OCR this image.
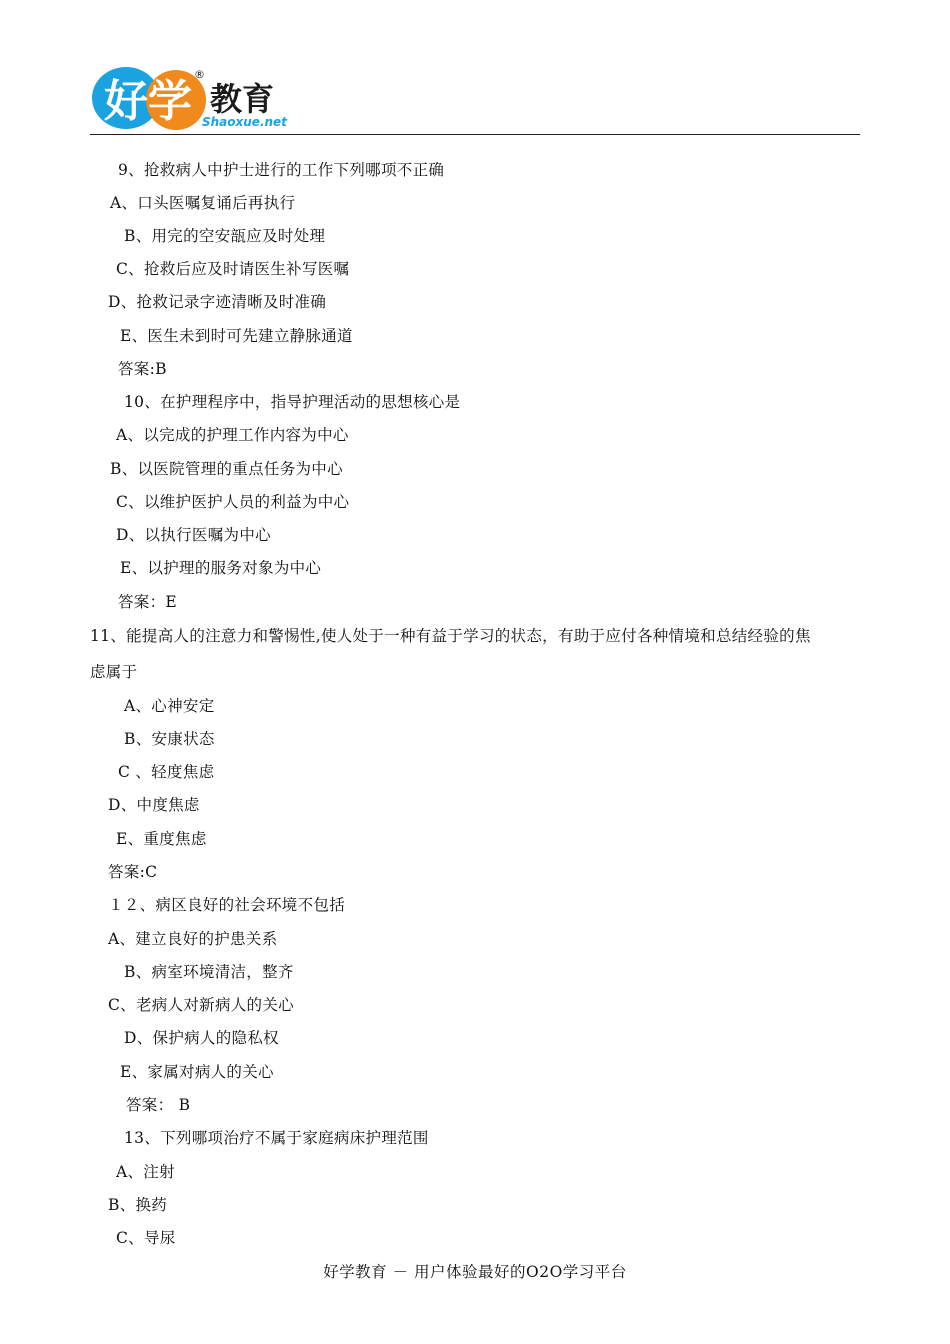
好学 教育
®
Shaoxue.net
9、抢救病人中护士进行的工作下列哪项不正确
A、口头医嘱复诵后再执行
B、用完的空安瓿应及时处理
C、抢救后应及时请医生补写医嘱
D、抢救记录字迹清晰及时准确
E、医生未到时可先建立静脉通道
答案:B
10、在护理程序中，指导护理活动的思想核心是
A、以完成的护理工作内容为中心
B、以医院管理的重点任务为中心
C、以维护医护人员的利益为中心
D、以执行医嘱为中心
E、以护理的服务对象为中心
答案：E
11、能提高人的注意力和警惕性,使人处于一种有益于学习的状态，有助于应付各种情境和总结经验的焦
虑属于
A、心神安定
B、安康状态
C 、轻度焦虑
D、中度焦虑
E、重度焦虑
答案:C
１２、病区良好的社会环境不包括
A、建立良好的护患关系
B、病室环境清洁，整齐
C、老病人对新病人的关心
D、保护病人的隐私权
E、家属对病人的关心
答案： B
13、下列哪项治疗不属于家庭病床护理范围
A、注射
B、换药
C、导尿
好学教育 － 用户体验最好的O2O学习平台
